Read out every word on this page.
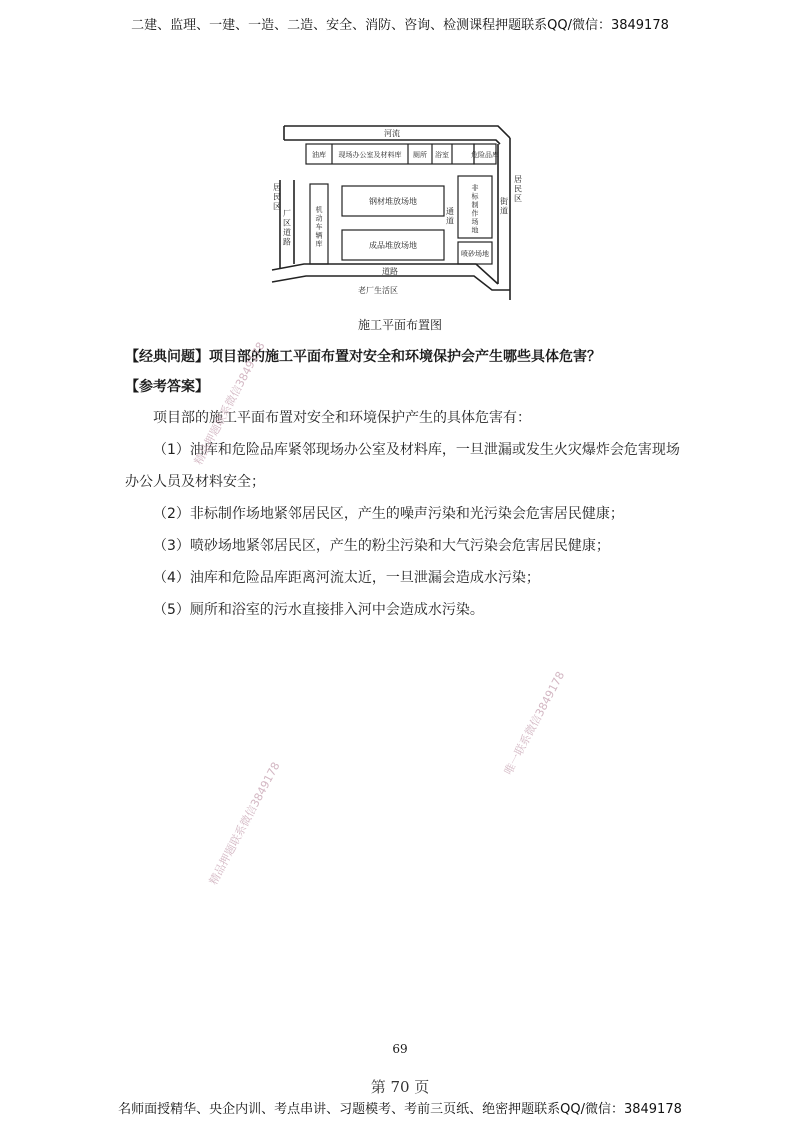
二建、监理、一建、一造、二造、安全、消防、咨询、检测课程押题联系QQ/微信：3849178
河流
油库 现场办公室及材料库 厕所 浴室	危险品库
钢材堆放场地
成品堆放场地
喷砂场地
道路
老厂生活区
居民区
厂区道路
机动车辆库
通道
非标制作场地
街道
居民区
施工平面布置图
【经典问题】项目部的施工平面布置对安全和环境保护会产生哪些具体危害？
【参考答案】
项目部的施工平面布置对安全和环境保护产生的具体危害有：
（1）油库和危险品库紧邻现场办公室及材料库，一旦泄漏或发生火灾爆炸会危害现场办公人员及材料安全；
（2）非标制作场地紧邻居民区，产生的噪声污染和光污染会危害居民健康；
（3）喷砂场地紧邻居民区，产生的粉尘污染和大气污染会危害居民健康；
（4）油库和危险品库距离河流太近，一旦泄漏会造成水污染；
（5）厕所和浴室的污水直接排入河中会造成水污染。
精品押题联系微信3849178
精品押题联系微信3849178
唯一联系微信3849178
69
第 70 页
名师面授精华、央企内训、考点串讲、习题模考、考前三页纸、绝密押题联系QQ/微信：3849178
